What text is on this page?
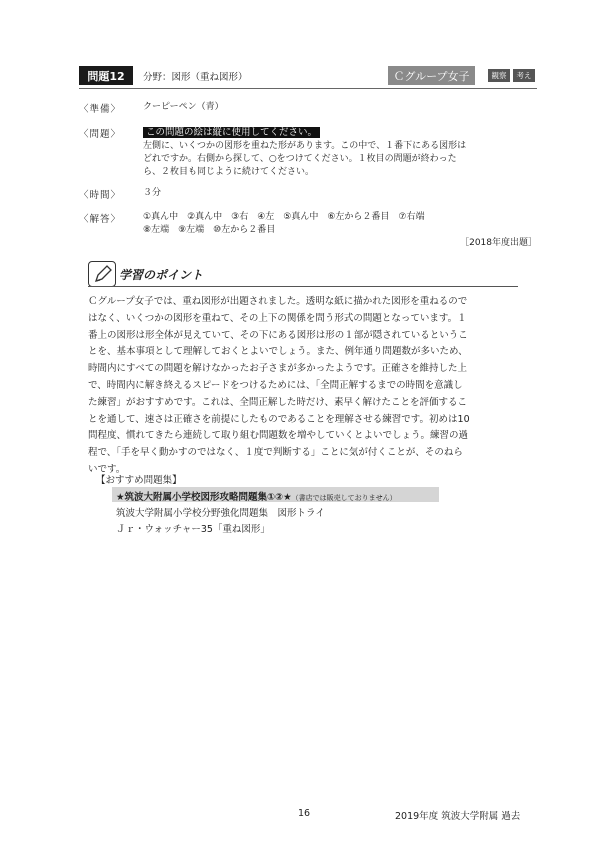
問題12	分野：図形（重ね図形）	Ｃグループ女子	観察	考え
〈準備〉 クーピーペン（青）
〈問題〉	この問題の絵は縦に使用してください。
左側に、いくつかの図形を重ねた形があります。この中で、１番下にある図形は
どれですか。右側から探して、○をつけてください。１枚目の問題が終わった
ら、２枚目も同じように続けてください。
〈時間〉 ３分
〈解答〉 ①真ん中　②真ん中　③右　④左　⑤真ん中　⑥左から２番目　⑦右端
⑧左端　⑨左端　⑩左から２番目
［2018年度出題］
学習のポイント
Ｃグループ女子では、重ね図形が出題されました。透明な紙に描かれた図形を重ねるので
はなく、いくつかの図形を重ねて、その上下の関係を問う形式の問題となっています。１
番上の図形は形全体が見えていて、その下にある図形は形の１部が隠されているというこ
とを、基本事項として理解しておくとよいでしょう。また、例年通り問題数が多いため、
時間内にすべての問題を解けなかったお子さまが多かったようです。正確さを維持した上
で、時間内に解き終えるスピードをつけるためには、「全問正解するまでの時間を意識し
た練習」がおすすめです。これは、全問正解した時だけ、素早く解けたことを評価するこ
とを通して、速さは正確さを前提にしたものであることを理解させる練習です。初めは10
問程度、慣れてきたら連続して取り組む問題数を増やしていくとよいでしょう。練習の過
程で、「手を早く動かすのではなく、１度で判断する」ことに気が付くことが、そのねら
いです。
【おすすめ問題集】
★筑波大附属小学校図形攻略問題集①②★（書店では販売しておりません）
筑波大学附属小学校分野強化問題集　図形トライ
Ｊｒ・ウォッチャー35「重ね図形」
16	2019年度 筑波大学附属 過去
